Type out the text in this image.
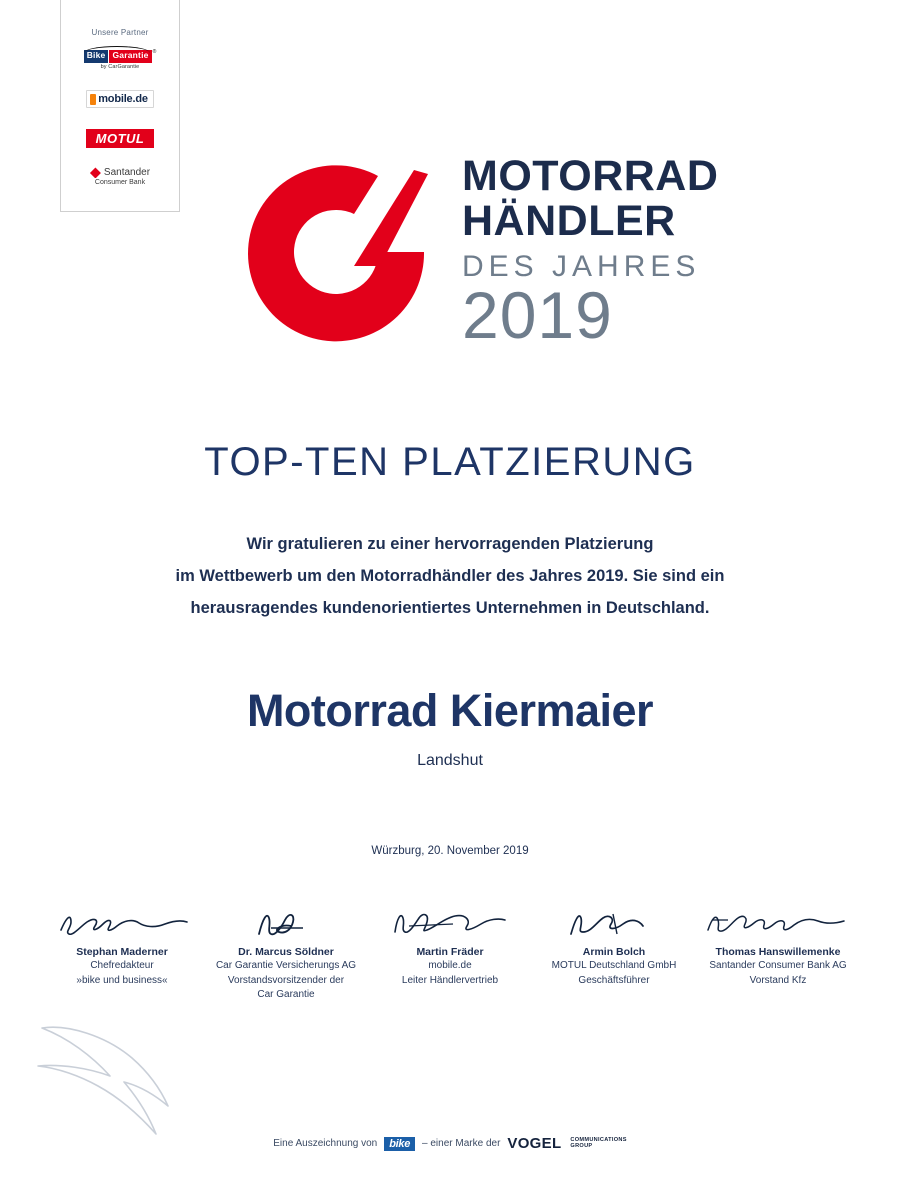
Unsere Partner
Bike Garantie ®
by CarGarantie
mobile.de
MOTUL
Santander
Consumer Bank	MOTORRAD
HÄNDLER
DES JAHRES
2019
TOP-TEN PLATZIERUNG
Wir gratulieren zu einer hervorragenden Platzierung
im Wettbewerb um den Motorradhändler des Jahres 2019. Sie sind ein
herausragendes kundenorientiertes Unternehmen in Deutschland.
Motorrad Kiermaier
Landshut
Würzburg, 20. November 2019
Stephan Maderner
Chefredakteur
»bike und business«
Dr. Marcus Söldner
Car Garantie Versicherungs AG
Vorstandsvorsitzender der
Car Garantie
Martin Fräder
mobile.de
Leiter Händlervertrieb
Armin Bolch
MOTUL Deutschland GmbH
Geschäftsführer
Thomas Hanswillemenke
Santander Consumer Bank AG
Vorstand Kfz
Eine Auszeichnung von	bike	– einer Marke der VOGEL COMMUNICATIONS
GROUP
